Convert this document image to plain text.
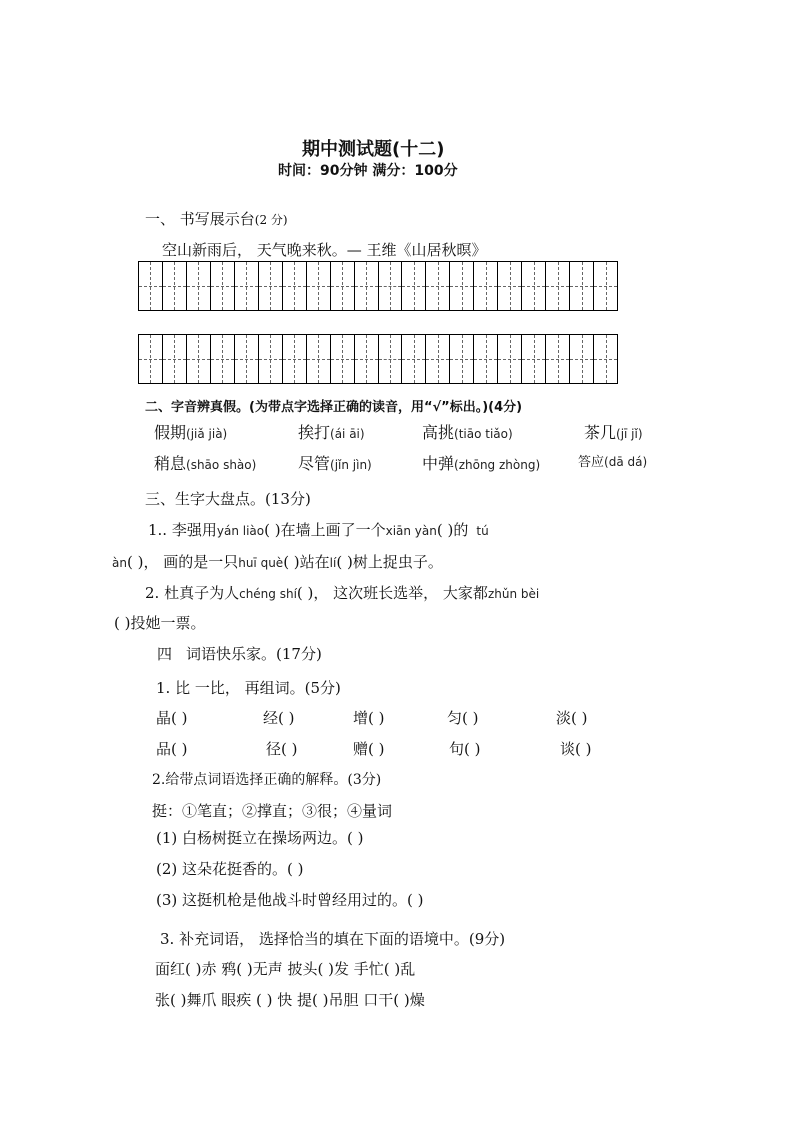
期中测试题(十二)
时间：90分钟 满分：100分
一、 书写展示台(2 分)
空山新雨后， 天气晚来秋。— 王维《山居秋暝》
二、字音辨真假。(为带点字选择正确的读音，用“√”标出。)(4分)
假期(jiǎ jià)	挨打(ái āi)	高挑(tiāo tiǎo)	茶几(jī jǐ)
稍息(shāo shào)	尽管(jǐn jìn)	中弹(zhōng zhòng)	答应(dā dá)
三、生字大盘点。(13分)
1.. 李强用yán liào( )在墙上画了一个xiān yàn( )的 tú
àn( )， 画的是一只huī què( )站在lí( )树上捉虫子。
2. 杜真子为人chéng shí( )， 这次班长选举， 大家都zhǔn bèi
( )投她一票。
四 词语快乐家。(17分)
1. 比 一比， 再组词。(5分)
晶( )	经( )	增( )	匀( )	淡( )
品( )	径( )	赠( )	句( )	谈( )
2.给带点词语选择正确的解释。(3分)
挺：①笔直；②撑直；③很；④量词
(1) 白杨树挺立在操场两边。( )
(2) 这朵花挺香的。( )
(3) 这挺机枪是他战斗时曾经用过的。( )
3. 补充词语， 选择恰当的填在下面的语境中。(9分)
面红( )赤 鸦( )无声 披头( )发 手忙( )乱
张( )舞爪 眼疾 ( ) 快 提( )吊胆 口干( )燥
